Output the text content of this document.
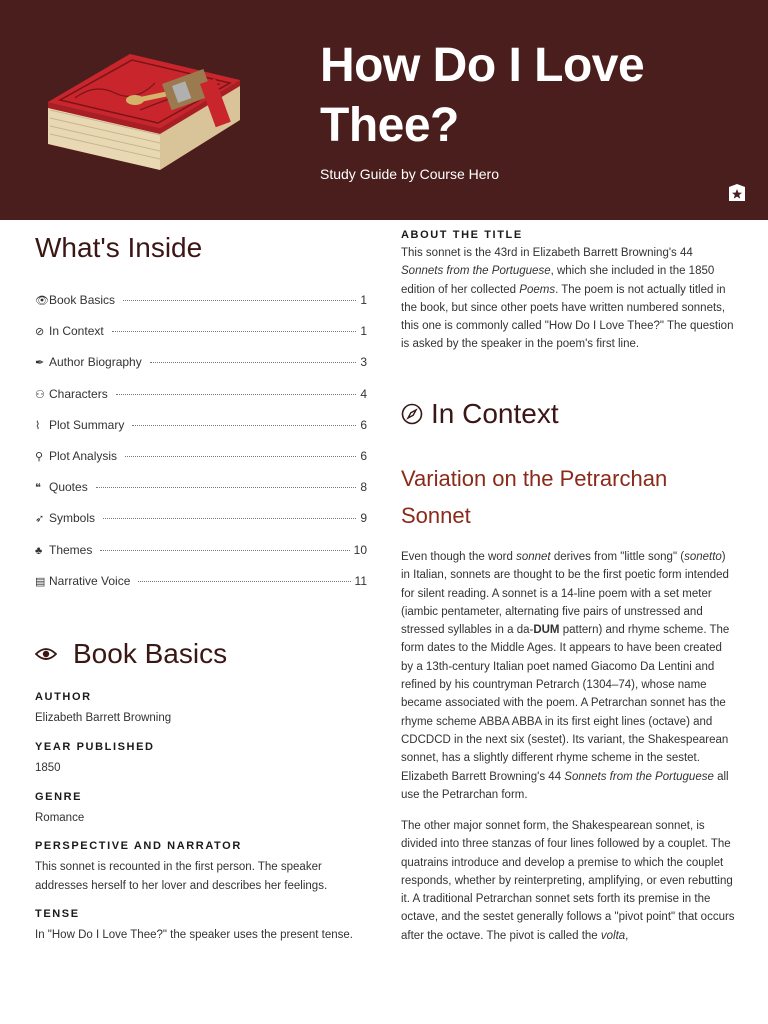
How Do I Love Thee?
Study Guide by Course Hero
What's Inside
👁 Book Basics	1
⊘ In Context	1
✒ Author Biography	3
⚇ Characters	4
⌇ Plot Summary	6
⚲ Plot Analysis	6
❝ Quotes	8
➶ Symbols	9
♣ Themes	10
▤ Narrative Voice	11
Book Basics
AUTHOR
Elizabeth Barrett Browning
YEAR PUBLISHED
1850
GENRE
Romance
PERSPECTIVE AND NARRATOR
This sonnet is recounted in the first person. The speaker addresses herself to her lover and describes her feelings.
TENSE
In "How Do I Love Thee?" the speaker uses the present tense.
ABOUT THE TITLE
This sonnet is the 43rd in Elizabeth Barrett Browning's 44 Sonnets from the Portuguese, which she included in the 1850 edition of her collected Poems. The poem is not actually titled in the book, but since other poets have written numbered sonnets, this one is commonly called "How Do I Love Thee?" The question is asked by the speaker in the poem's first line.
In Context
Variation on the Petrarchan Sonnet
Even though the word sonnet derives from "little song" (sonetto) in Italian, sonnets are thought to be the first poetic form intended for silent reading. A sonnet is a 14-line poem with a set meter (iambic pentameter, alternating five pairs of unstressed and stressed syllables in a da-DUM pattern) and rhyme scheme. The form dates to the Middle Ages. It appears to have been created by a 13th-century Italian poet named Giacomo Da Lentini and refined by his countryman Petrarch (1304–74), whose name became associated with the poem. A Petrarchan sonnet has the rhyme scheme ABBA ABBA in its first eight lines (octave) and CDCDCD in the next six (sestet). Its variant, the Shakespearean sonnet, has a slightly different rhyme scheme in the sestet. Elizabeth Barrett Browning's 44 Sonnets from the Portuguese all use the Petrarchan form.
The other major sonnet form, the Shakespearean sonnet, is divided into three stanzas of four lines followed by a couplet. The quatrains introduce and develop a premise to which the couplet responds, whether by reinterpreting, amplifying, or even rebutting it. A traditional Petrarchan sonnet sets forth its premise in the octave, and the sestet generally follows a "pivot point" that occurs after the octave. The pivot is called the volta,
